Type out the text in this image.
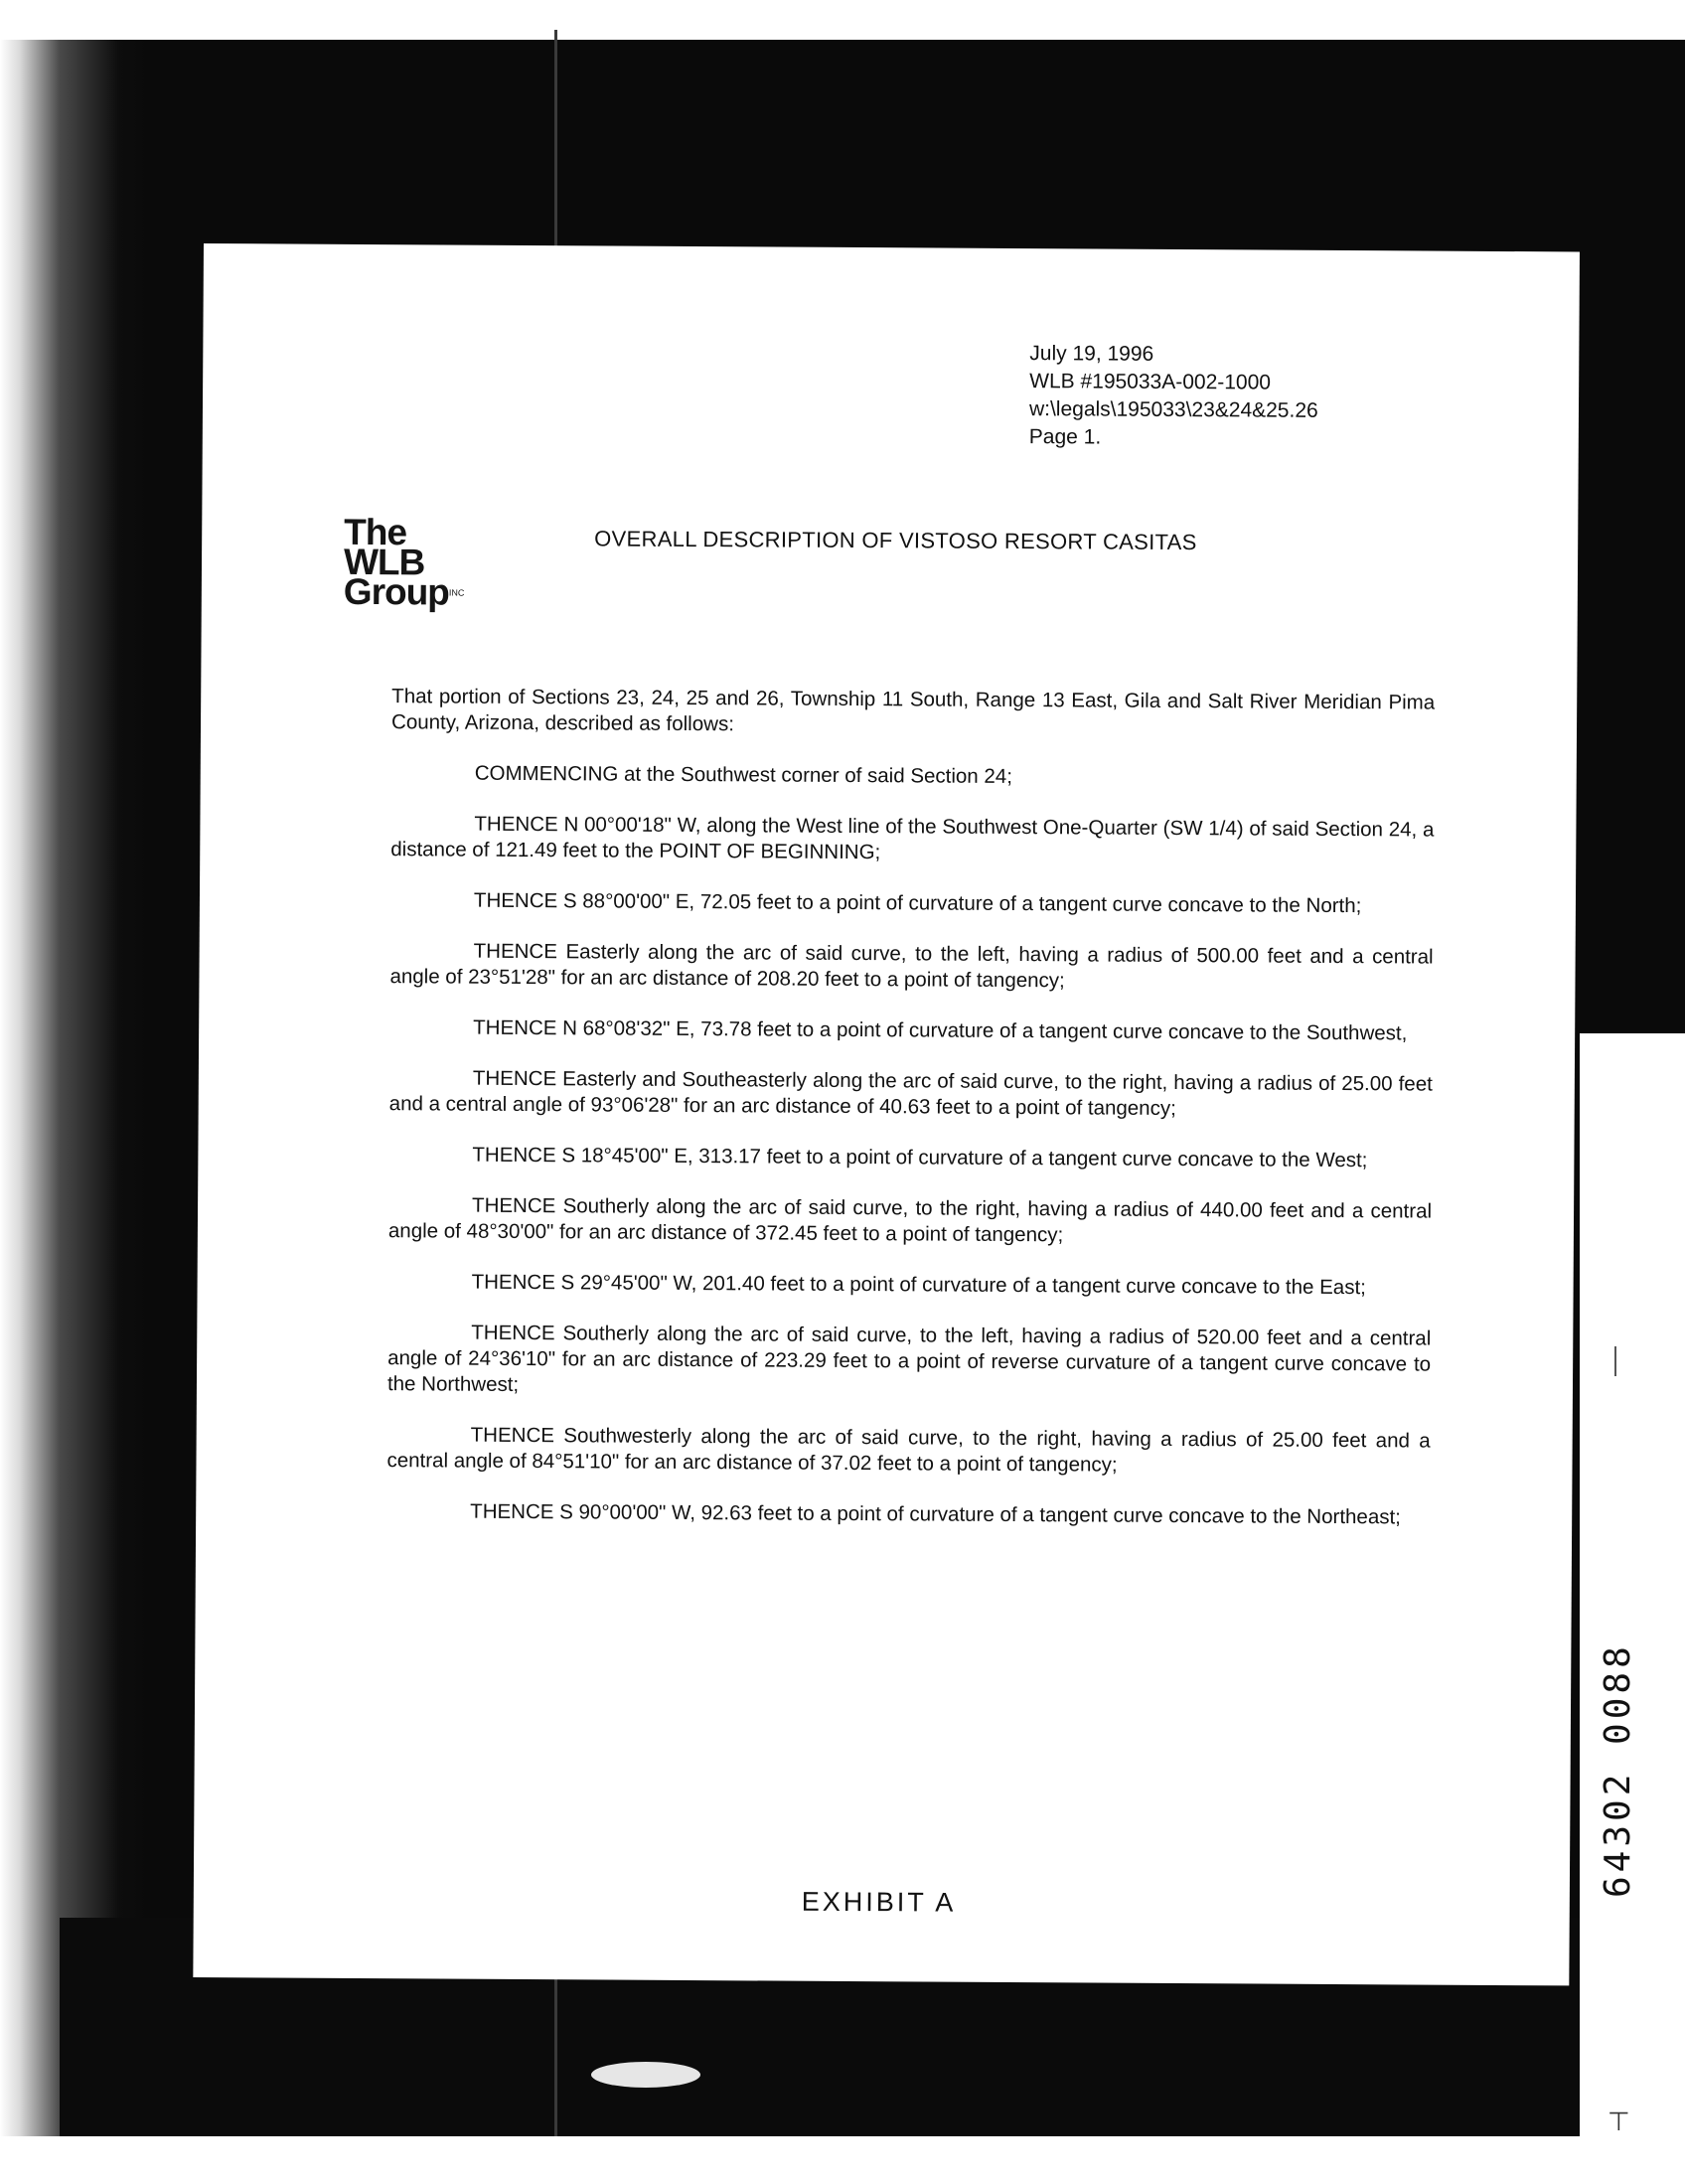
July 19, 1996
WLB #195033A-002-1000
w:\legals\195033\23&24&25.26
Page 1.
The
WLB
GroupINC
OVERALL DESCRIPTION OF VISTOSO RESORT CASITAS

That portion of Sections 23, 24, 25 and 26, Township 11 South, Range 13 East, Gila and Salt River Meridian Pima County, Arizona, described as follows:

COMMENCING at the Southwest corner of said Section 24;

THENCE N 00°00'18" W, along the West line of the Southwest One-Quarter (SW 1/4) of said Section 24, a distance of 121.49 feet to the POINT OF BEGINNING;

THENCE S 88°00'00" E, 72.05 feet to a point of curvature of a tangent curve concave to the North;

THENCE Easterly along the arc of said curve, to the left, having a radius of 500.00 feet and a central angle of 23°51'28" for an arc distance of 208.20 feet to a point of tangency;

THENCE N 68°08'32" E, 73.78 feet to a point of curvature of a tangent curve concave to the Southwest,

THENCE Easterly and Southeasterly along the arc of said curve, to the right, having a radius of 25.00 feet and a central angle of 93°06'28" for an arc distance of 40.63 feet to a point of tangency;

THENCE S 18°45'00" E, 313.17 feet to a point of curvature of a tangent curve concave to the West;

THENCE Southerly along the arc of said curve, to the right, having a radius of 440.00 feet and a central angle of 48°30'00" for an arc distance of 372.45 feet to a point of tangency;

THENCE S 29°45'00" W, 201.40 feet to a point of curvature of a tangent curve concave to the East;

THENCE Southerly along the arc of said curve, to the left, having a radius of 520.00 feet and a central angle of 24°36'10" for an arc distance of 223.29 feet to a point of reverse curvature of a tangent curve concave to the Northwest;

THENCE Southwesterly along the arc of said curve, to the right, having a radius of 25.00 feet and a central angle of 84°51'10" for an arc distance of 37.02 feet to a point of tangency;

THENCE S 90°00'00" W, 92.63 feet to a point of curvature of a tangent curve concave to the Northeast;

EXHIBIT A
64302 0088
⊤
